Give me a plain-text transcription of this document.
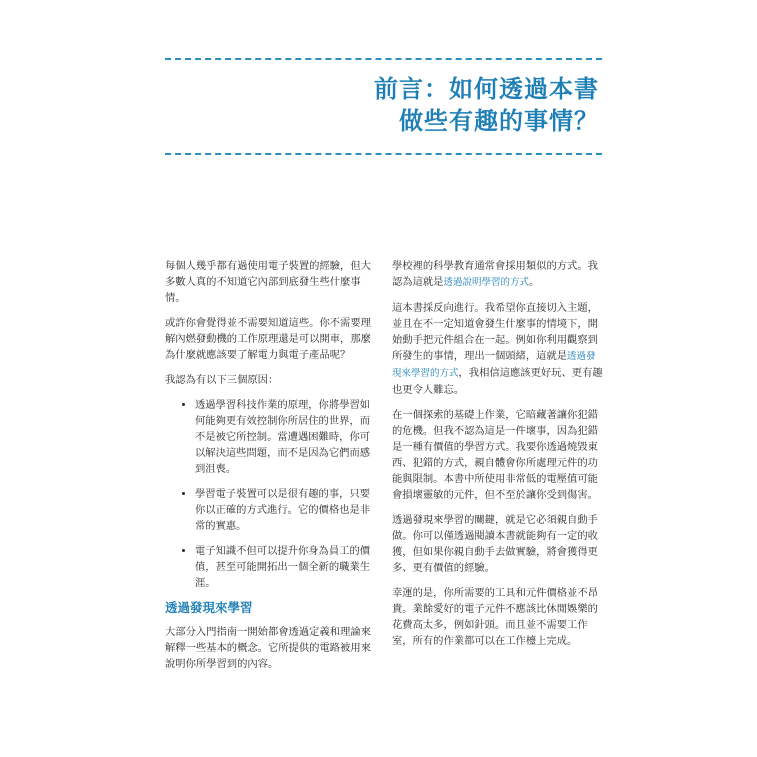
前言：如何透過本書
做些有趣的事情？

每個人幾乎都有過使用電子裝置的經驗，但大多數人真的不知道它內部到底發生些什麼事情。

或許你會覺得並不需要知道這些。你不需要理解內燃發動機的工作原理還是可以開車，那麼為什麼就應該要了解電力與電子產品呢？

我認為有以下三個原因：

• 透過學習科技作業的原理，你將學習如何能夠更有效控制你所居住的世界，而不是被它所控制。當遭遇困難時，你可以解決這些問題，而不是因為它們而感到沮喪。
• 學習電子裝置可以是很有趣的事，只要你以正確的方式進行。它的價格也是非常的實惠。
• 電子知識不但可以提升你身為員工的價值，甚至可能開拓出一個全新的職業生涯。
透過發現來學習

大部分入門指南一開始都會透過定義和理論來解釋一些基本的概念。它所提供的電路被用來說明你所學習到的內容。

學校裡的科學教育通常會採用類似的方式。我認為這就是透過說明學習的方式。

這本書採反向進行。我希望你直接切入主題，並且在不一定知道會發生什麼事的情境下，開始動手把元件組合在一起。例如你利用觀察到所發生的事情，理出一個頭緒，這就是透過發現來學習的方式，我相信這應該更好玩、更有趣也更令人難忘。

在一個探索的基礎上作業，它暗藏著讓你犯錯的危機。但我不認為這是一件壞事，因為犯錯是一種有價值的學習方式。我要你透過燒毀東西、犯錯的方式，親自體會你所處理元件的功能與限制。本書中所使用非常低的電壓值可能會損壞靈敏的元件，但不至於讓你受到傷害。

透過發現來學習的關鍵，就是它必須親自動手做。你可以僅透過閱讀本書就能夠有一定的收獲，但如果你親自動手去做實驗，將會獲得更多、更有價值的經驗。

幸運的是，你所需要的工具和元件價格並不昂貴。業餘愛好的電子元件不應該比休閒娛樂的花費高太多，例如針頭。而且並不需要工作室，所有的作業都可以在工作檯上完成。
